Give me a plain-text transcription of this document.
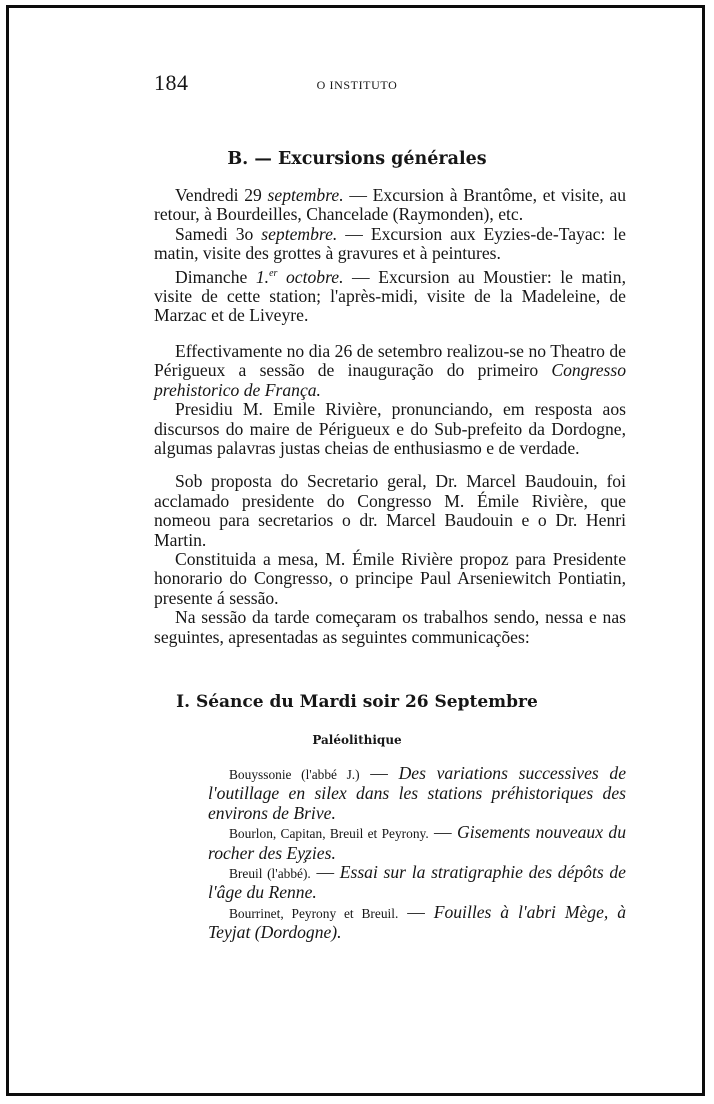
184	O INSTITUTO
B. — Excursions générales

Vendredi 29 septembre. — Excursion à Brantôme, et visite, au retour, à Bourdeilles, Chancelade (Raymonden), etc.

Samedi 3o septembre. — Excursion aux Eyzies-de-Tayac: le matin, visite des grottes à gravures et à peintures.

Dimanche 1.$^{er}$ octobre. — Excursion au Moustier: le matin, visite de cette station; l'après-midi, visite de la Madeleine, de Marzac et de Liveyre.

Effectivamente no dia 26 de setembro realizou-se no Theatro de Périgueux a sessão de inauguração do primeiro Congresso prehistorico de França.

Presidiu M. Emile Rivière, pronunciando, em resposta aos discursos do maire de Périgueux e do Sub-prefeito da Dordogne, algumas palavras justas cheias de enthusiasmo e de verdade.

Sob proposta do Secretario geral, Dr. Marcel Baudouin, foi acclamado presidente do Congresso M. Émile Rivière, que nomeou para secretarios o dr. Marcel Baudouin e o Dr. Henri Martin.

Constituida a mesa, M. Émile Rivière propoz para Presidente honorario do Congresso, o principe Paul Arseniewitch Pontiatin, presente á sessão.

Na sessão da tarde começaram os trabalhos sendo, nessa e nas seguintes, apresentadas as seguintes communicações:

I. Séance du Mardi soir 26 Septembre
Paléolithique

Bouyssonie (l'abbé J.) — Des variations successives de l'outillage en silex dans les stations préhistoriques des environs de Brive.

Bourlon, Capitan, Breuil et Peyrony. — Gisements nouveaux du rocher des Ey̧zies.

Breuil (l'abbé). — Essai sur la stratigraphie des dépôts de l'âge du Renne.

Bourrinet, Peyrony et Breuil. — Fouilles à l'abri Mège, à Teyjat (Dordogne).
